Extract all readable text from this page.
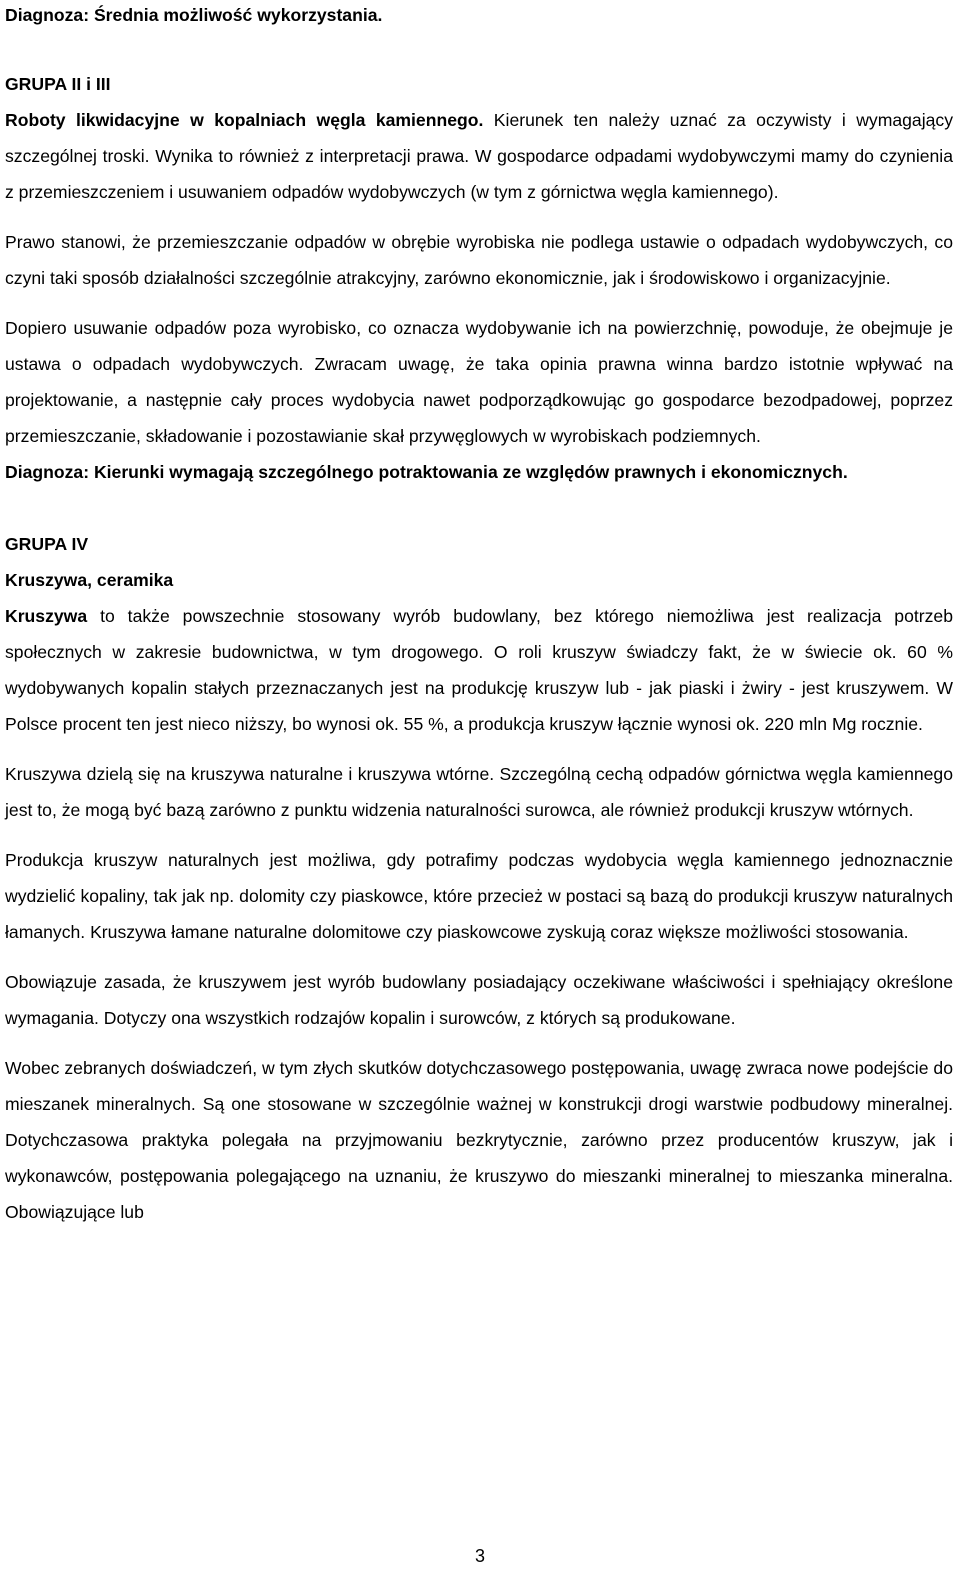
Diagnoza: Średnia możliwość wykorzystania.
GRUPA II i III

Roboty likwidacyjne w kopalniach węgla kamiennego. Kierunek ten należy uznać za oczywisty i wymagający szczególnej troski. Wynika to również z interpretacji prawa. W gospodarce odpadami wydobywczymi mamy do czynienia z przemieszczeniem i usuwaniem odpadów wydobywczych (w tym z górnictwa węgla kamiennego).

Prawo stanowi, że przemieszczanie odpadów w obrębie wyrobiska nie podlega ustawie o odpadach wydobywczych, co czyni taki sposób działalności szczególnie atrakcyjny, zarówno ekonomicznie, jak i środowiskowo i organizacyjnie.

Dopiero usuwanie odpadów poza wyrobisko, co oznacza wydobywanie ich na powierzchnię, powoduje, że obejmuje je ustawa o odpadach wydobywczych. Zwracam uwagę, że taka opinia prawna winna bardzo istotnie wpływać na projektowanie, a następnie cały proces wydobycia nawet podporządkowując go gospodarce bezodpadowej, poprzez przemieszczanie, składowanie i pozostawianie skał przywęglowych w wyrobiskach podziemnych.

Diagnoza: Kierunki wymagają szczególnego potraktowania ze względów prawnych i ekonomicznych.

GRUPA IV
Kruszywa, ceramika

Kruszywa to także powszechnie stosowany wyrób budowlany, bez którego niemożliwa jest realizacja potrzeb społecznych w zakresie budownictwa, w tym drogowego. O roli kruszyw świadczy fakt, że w świecie ok. 60 % wydobywanych kopalin stałych przeznaczanych jest na produkcję kruszyw lub - jak piaski i żwiry - jest kruszywem. W Polsce procent ten jest nieco niższy, bo wynosi ok. 55 %, a produkcja kruszyw łącznie wynosi ok. 220 mln Mg rocznie.

Kruszywa dzielą się na kruszywa naturalne i kruszywa wtórne. Szczególną cechą odpadów górnictwa węgla kamiennego jest to, że mogą być bazą zarówno z punktu widzenia naturalności surowca, ale również produkcji kruszyw wtórnych.

Produkcja kruszyw naturalnych jest możliwa, gdy potrafimy podczas wydobycia węgla kamiennego jednoznacznie wydzielić kopaliny, tak jak np. dolomity czy piaskowce, które przecież w postaci są bazą do produkcji kruszyw naturalnych łamanych. Kruszywa łamane naturalne dolomitowe czy piaskowcowe zyskują coraz większe możliwości stosowania.

Obowiązuje zasada, że kruszywem jest wyrób budowlany posiadający oczekiwane właściwości i spełniający określone wymagania. Dotyczy ona wszystkich rodzajów kopalin i surowców, z których są produkowane.

Wobec zebranych doświadczeń, w tym złych skutków dotychczasowego postępowania, uwagę zwraca nowe podejście do mieszanek mineralnych. Są one stosowane w szczególnie ważnej w konstrukcji drogi warstwie podbudowy mineralnej. Dotychczasowa praktyka polegała na przyjmowaniu bezkrytycznie, zarówno przez producentów kruszyw, jak i wykonawców, postępowania polegającego na uznaniu, że kruszywo do mieszanki mineralnej to mieszanka mineralna. Obowiązujące lub

3
